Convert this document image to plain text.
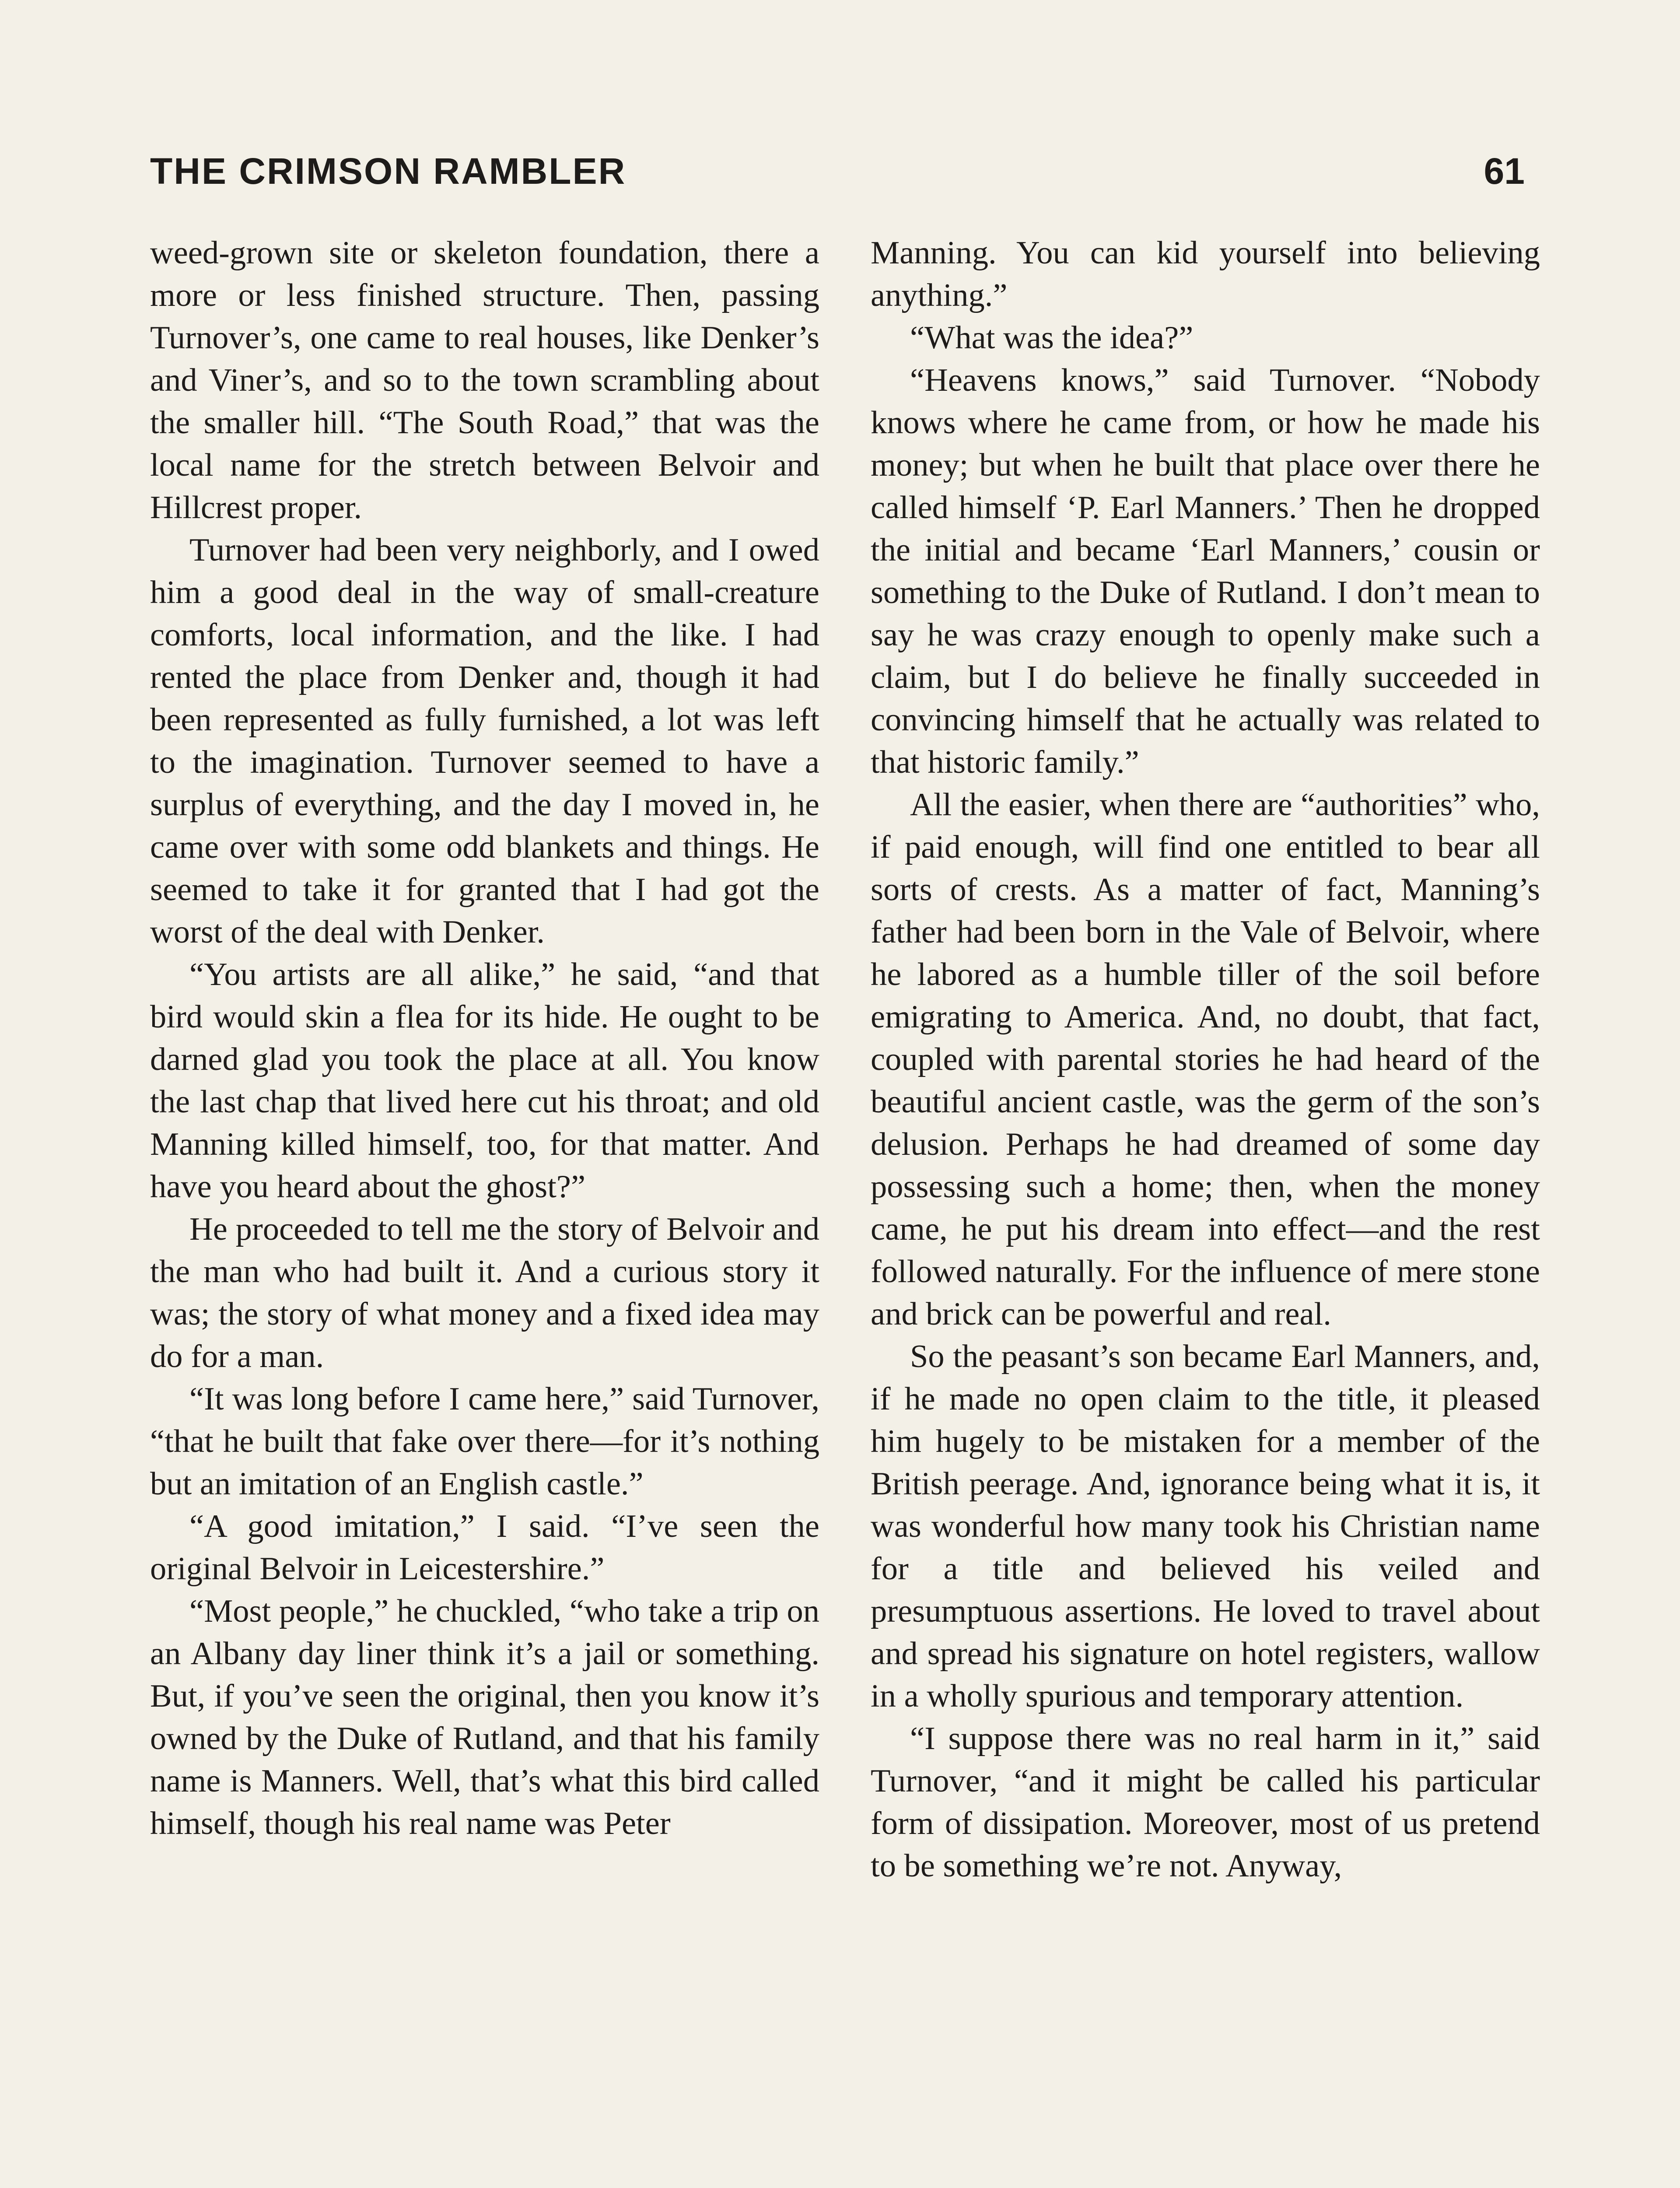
THE CRIMSON RAMBLER	61

weed-grown site or skeleton foundation, there a more or less finished structure. Then, passing Turnover’s, one came to real houses, like Denker’s and Viner’s, and so to the town scrambling about the smaller hill. “The South Road,” that was the local name for the stretch between Belvoir and Hillcrest proper.

Turnover had been very neighborly, and I owed him a good deal in the way of small-creature comforts, local information, and the like. I had rented the place from Denker and, though it had been represented as fully furnished, a lot was left to the imagination. Turnover seemed to have a surplus of everything, and the day I moved in, he came over with some odd blankets and things. He seemed to take it for granted that I had got the worst of the deal with Denker.

“You artists are all alike,” he said, “and that bird would skin a flea for its hide. He ought to be darned glad you took the place at all. You know the last chap that lived here cut his throat; and old Manning killed himself, too, for that matter. And have you heard about the ghost?”

He proceeded to tell me the story of Belvoir and the man who had built it. And a curious story it was; the story of what money and a fixed idea may do for a man.

“It was long before I came here,” said Turnover, “that he built that fake over there—for it’s nothing but an imitation of an English castle.”

“A good imitation,” I said. “I’ve seen the original Belvoir in Leicestershire.”

“Most people,” he chuckled, “who take a trip on an Albany day liner think it’s a jail or something. But, if you’ve seen the original, then you know it’s owned by the Duke of Rutland, and that his family name is Manners. Well, that’s what this bird called himself, though his real name was Peter

Manning. You can kid yourself into believing anything.”

“What was the idea?”

“Heavens knows,” said Turnover. “Nobody knows where he came from, or how he made his money; but when he built that place over there he called himself ‘P. Earl Manners.’ Then he dropped the initial and became ‘Earl Manners,’ cousin or something to the Duke of Rutland. I don’t mean to say he was crazy enough to openly make such a claim, but I do believe he finally succeeded in convincing himself that he actually was related to that historic family.”

All the easier, when there are “authorities” who, if paid enough, will find one entitled to bear all sorts of crests. As a matter of fact, Manning’s father had been born in the Vale of Belvoir, where he labored as a humble tiller of the soil before emigrating to America. And, no doubt, that fact, coupled with parental stories he had heard of the beautiful ancient castle, was the germ of the son’s delusion. Perhaps he had dreamed of some day possessing such a home; then, when the money came, he put his dream into effect—and the rest followed naturally. For the influence of mere stone and brick can be powerful and real.

So the peasant’s son became Earl Manners, and, if he made no open claim to the title, it pleased him hugely to be mistaken for a member of the British peerage. And, ignorance being what it is, it was wonderful how many took his Christian name for a title and believed his veiled and presumptuous assertions. He loved to travel about and spread his signature on hotel registers, wallow in a wholly spurious and temporary attention.

“I suppose there was no real harm in it,” said Turnover, “and it might be called his particular form of dissipation. Moreover, most of us pretend to be something we’re not. Anyway,
